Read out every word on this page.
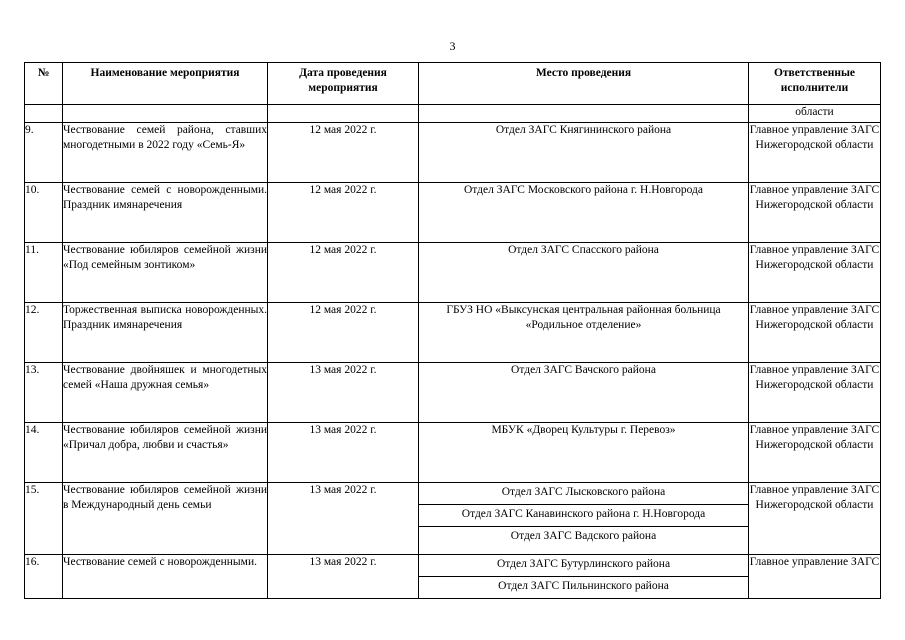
3
№	Наименование мероприятия	Дата проведения мероприятия	Место проведения	Ответственные исполнители
				области
9.	Чествование семей района, ставших многодетными в 2022 году «Семь-Я»	12 мая 2022 г.	Отдел ЗАГС Княгининского района	Главное управление ЗАГС Нижегородской области
10.	Чествование семей с новорожденными. Праздник имянаречения	12 мая 2022 г.	Отдел ЗАГС Московского района г. Н.Новгорода	Главное управление ЗАГС Нижегородской области
11.	Чествование юбиляров семейной жизни «Под семейным зонтиком»	12 мая 2022 г.	Отдел ЗАГС Спасского района	Главное управление ЗАГС Нижегородской области
12.	Торжественная выписка новорожденных. Праздник имянаречения	12 мая 2022 г.	ГБУЗ НО «Выксунская центральная районная больница «Родильное отделение»	Главное управление ЗАГС Нижегородской области
13.	Чествование двойняшек и многодетных семей «Наша дружная семья»	13 мая 2022 г.	Отдел ЗАГС Вачского района	Главное управление ЗАГС Нижегородской области
14.	Чествование юбиляров семейной жизни «Причал добра, любви и счастья»	13 мая 2022 г.	МБУК «Дворец Культуры г. Перевоз»	Главное управление ЗАГС Нижегородской области
15.	Чествование юбиляров семейной жизни в Международный день семьи	13 мая 2022 г.	Отдел ЗАГС Лысковского района
Отдел ЗАГС Канавинского района г. Н.Новгорода
Отдел ЗАГС Вадского района	Главное управление ЗАГС Нижегородской области
16.	Чествование семей с новорожденными.	13 мая 2022 г.	Отдел ЗАГС Бутурлинского района
Отдел ЗАГС Пильнинского района	Главное управление ЗАГС
